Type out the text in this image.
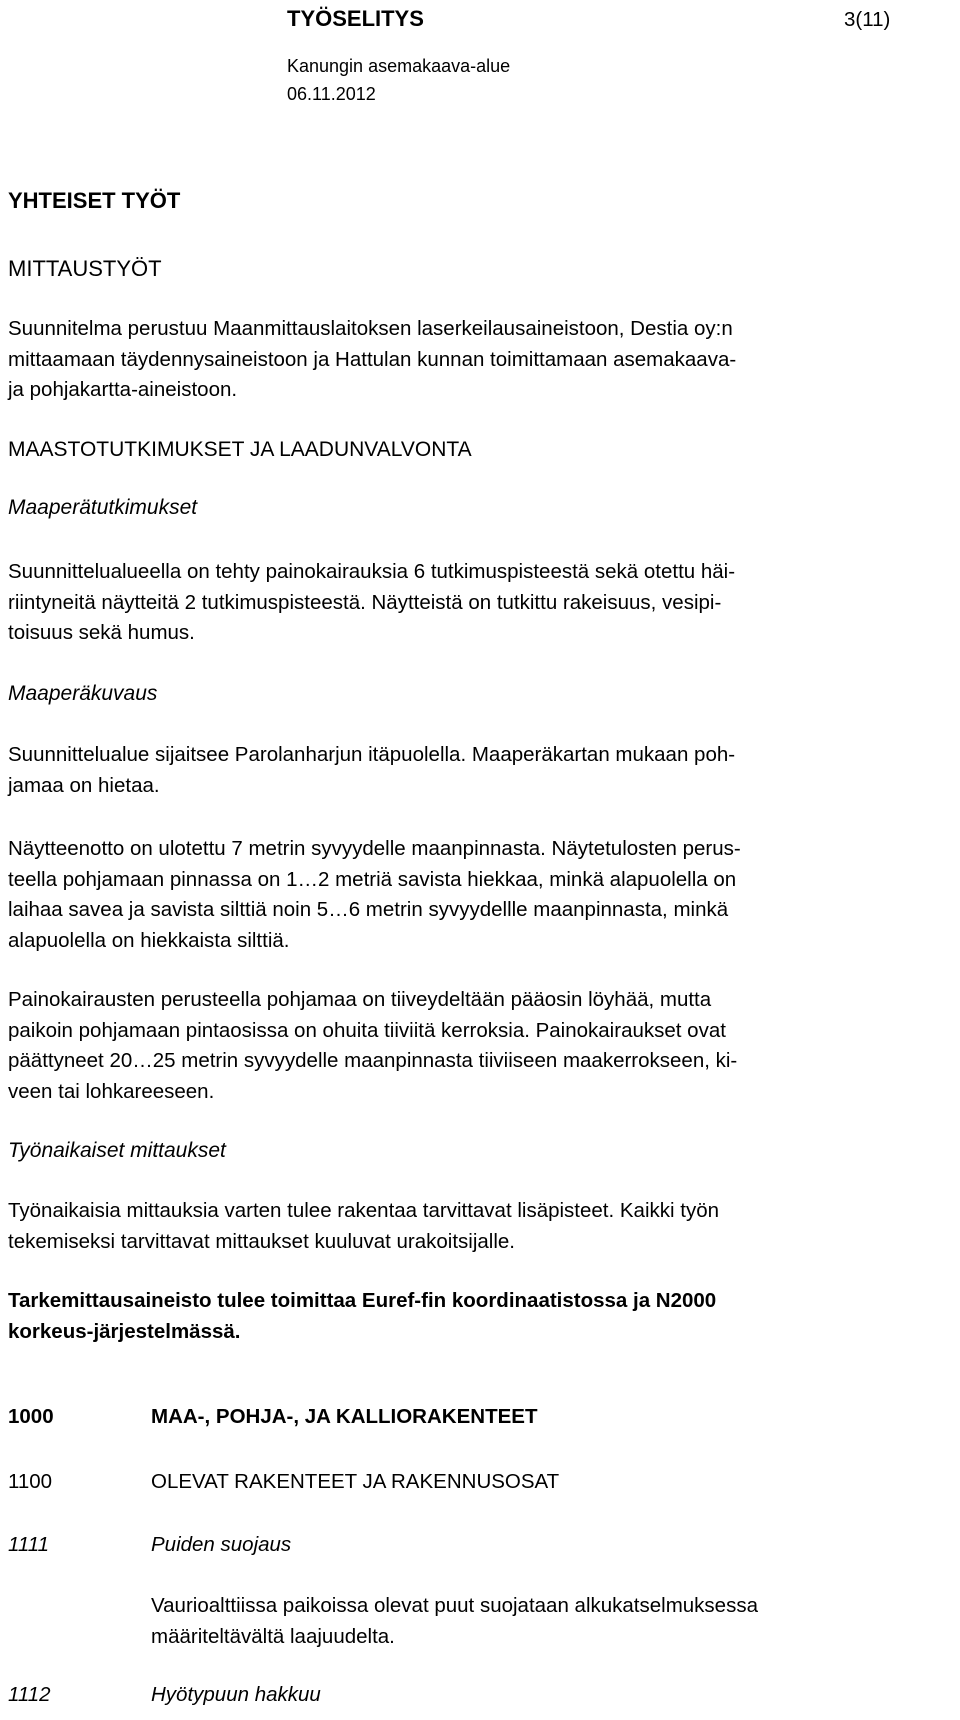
TYÖSELITYS	3(11)
Kanungin asemakaava-alue
06.11.2012
YHTEISET TYÖT
MITTAUSTYÖT
Suunnitelma perustuu Maanmittauslaitoksen laserkeilausaineistoon, Destia oy:n
mittaamaan täydennysaineistoon ja Hattulan kunnan toimittamaan asemakaava-
ja pohjakartta-aineistoon.
MAASTOTUTKIMUKSET JA LAADUNVALVONTA
Maaperätutkimukset
Suunnittelualueella on tehty painokairauksia 6 tutkimuspisteestä sekä otettu häi-
riintyneitä näytteitä 2 tutkimuspisteestä. Näytteistä on tutkittu rakeisuus, vesipi-
toisuus sekä humus.
Maaperäkuvaus
Suunnittelualue sijaitsee Parolanharjun itäpuolella. Maaperäkartan mukaan poh-
jamaa on hietaa.
Näytteenotto on ulotettu 7 metrin syvyydelle maanpinnasta. Näytetulosten perus-
teella pohjamaan pinnassa on 1…2 metriä savista hiekkaa, minkä alapuolella on
laihaa savea ja savista silttiä noin 5…6 metrin syvyydellle maanpinnasta, minkä
alapuolella on hiekkaista silttiä.
Painokairausten perusteella pohjamaa on tiiveydeltään pääosin löyhää, mutta
paikoin pohjamaan pintaosissa on ohuita tiiviitä kerroksia. Painokairaukset ovat
päättyneet 20…25 metrin syvyydelle maanpinnasta tiiviiseen maakerrokseen, ki-
veen tai lohkareeseen.
Työnaikaiset mittaukset
Työnaikaisia mittauksia varten tulee rakentaa tarvittavat lisäpisteet. Kaikki työn
tekemiseksi tarvittavat mittaukset kuuluvat urakoitsijalle.
Tarkemittausaineisto tulee toimittaa Euref-fin koordinaatistossa ja N2000
korkeus-järjestelmässä.
1000	MAA-, POHJA-, JA KALLIORAKENTEET
1100	OLEVAT RAKENTEET JA RAKENNUSOSAT
1111	Puiden suojaus
Vaurioalttiissa paikoissa olevat puut suojataan alkukatselmuksessa
määriteltävältä laajuudelta.
1112	Hyötypuun hakkuu
